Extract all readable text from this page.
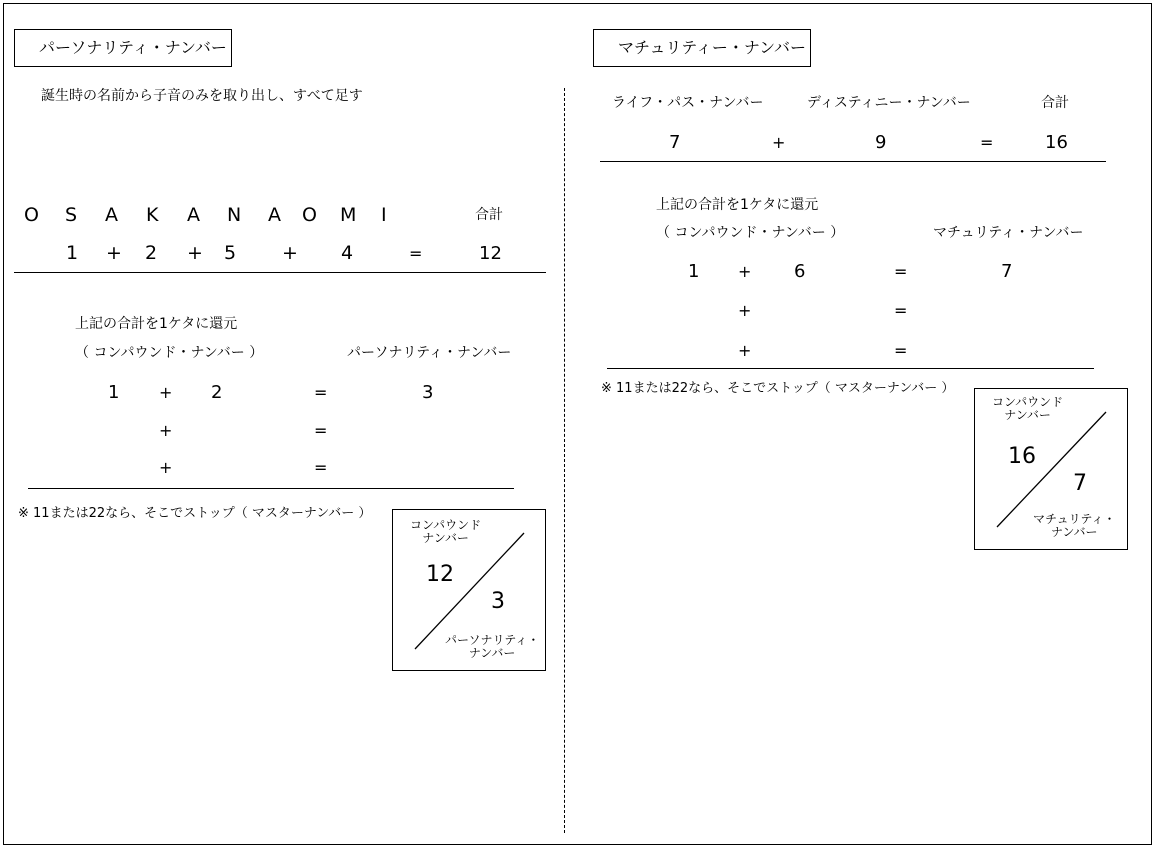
パーソナリティ・ナンバー
誕生時の名前から子音のみを取り出し、すべて足す
O S A K A N A O M I	合計
1 + 2 + 5 + 4	=	12
上記の合計を1ケタに還元
（ コンパウンド・ナンバー ）	パーソナリティ・ナンバー
1 + 2	=	3
+	=
+	=
※ 11または22なら、そこでストップ（ マスターナンバー ）
コンパウンド
ナンバー
12
3
パーソナリティ・
ナンバー
マチュリティー・ナンバー
ライフ・パス・ナンバー	ディスティニー・ナンバー	合計
7	+	9	=	16
上記の合計を1ケタに還元
（ コンパウンド・ナンバー ）	マチュリティ・ナンバー
1 + 6	=	7
+	=
+	=
※ 11または22なら、そこでストップ（ マスターナンバー ）
コンパウンド
ナンバー
16
7
マチュリティ・
ナンバー
